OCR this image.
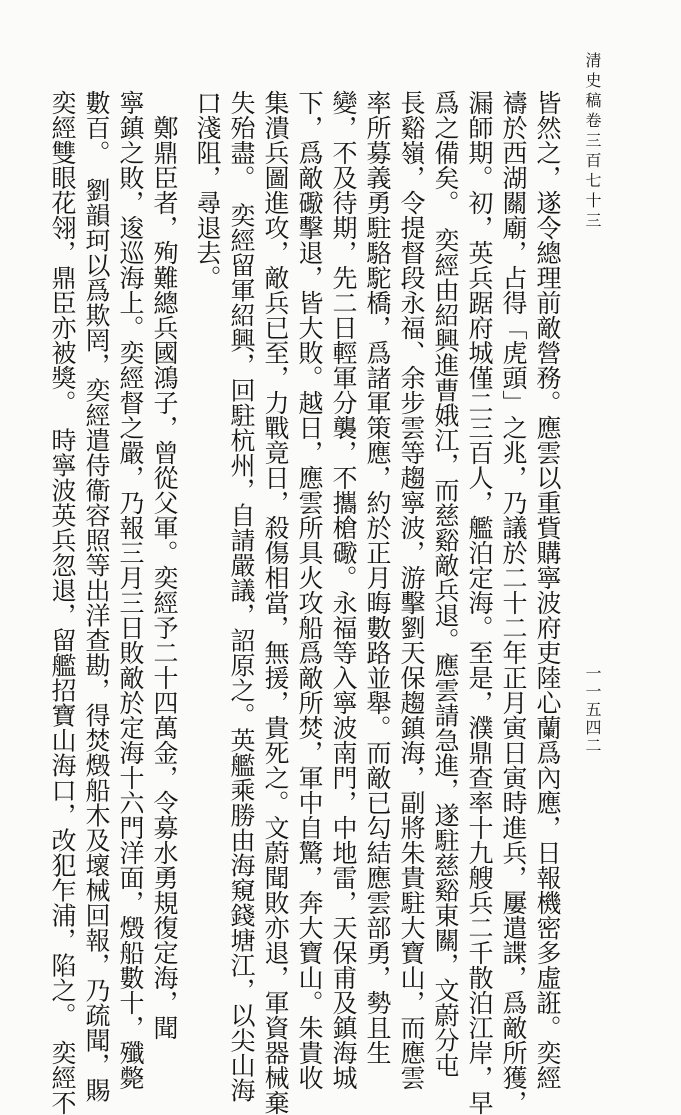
清史稿卷三百七十三
一一五四二
皆然之，遂令總理前敵營務。應雲以重貲購寧波府吏陸心蘭爲內應，日報機密多虛誑。奕經
禱於西湖關廟，占得「虎頭」之兆，乃議於二十二年正月寅日寅時進兵，屢遣諜，爲敵所獲，
漏師期。初，英兵踞府城僅二三百人，艦泊定海。至是，濮鼎查率十九艘兵二千散泊江岸，早
爲之備矣。　奕經由紹興進曹娥江，而慈谿敵兵退。應雲請急進，遂駐慈谿東關，文蔚分屯
長谿嶺，令提督段永福、余步雲等趨寧波，游擊劉天保趨鎮海，副將朱貴駐大寶山，而應雲
率所募義勇駐駱駝橋，爲諸軍策應，約於正月晦數路並舉。而敵已勾結應雲部勇，勢且生
變，不及待期，先二日輕軍分襲，不攜槍礮。永福等入寧波南門，中地雷，天保甫及鎮海城
下，爲敵礮擊退，皆大敗。越日，應雲所具火攻船爲敵所焚，軍中自驚，奔大寶山。朱貴收
集潰兵圖進攻，敵兵已至，力戰竟日，殺傷相當，無援，貴死之。文蔚聞敗亦退，軍資器械棄
失殆盡。　奕經留軍紹興，回駐杭州，自請嚴議，詔原之。英艦乘勝由海窺錢塘江，以尖山海
口淺阻，尋退去。
　鄭鼎臣者，殉難總兵國鴻子，曾從父軍。奕經予二十四萬金，令募水勇規復定海，聞
寧鎮之敗，逡巡海上。奕經督之嚴，乃報三月三日敗敵於定海十六門洋面，燬船數十，殲斃
數百。　劉韻珂以爲欺罔，奕經遣侍衞容照等出洋查勘，得焚燬船木及壞械回報，乃疏聞，賜
奕經雙眼花翎，鼎臣亦被獎。　時寧波英兵忽退，留艦招寶山海口，改犯乍浦，陷之。　奕經不
